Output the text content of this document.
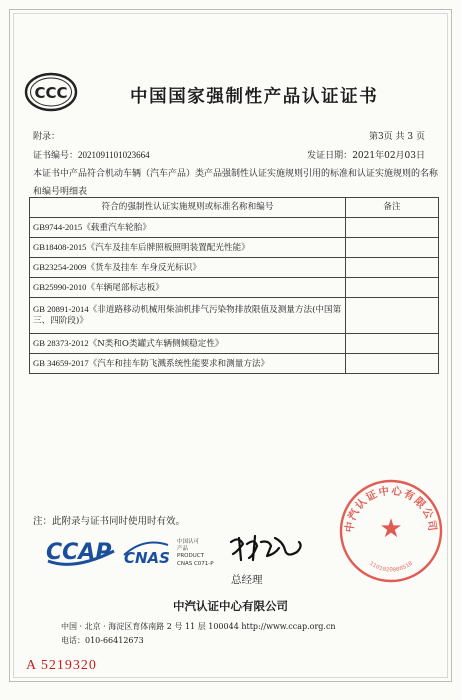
CCC	中国国家强制性产品认证证书
附录：	第3页 共 3 页
证书编号：2021091101023664	发证日期：2021年02月03日
本证书中产品符合机动车辆（汽车产品）类产品强制性认证实施规则引用的标准和认证实施规则的名称和编号明细表
符合的强制性认证实施规则或标准名称和编号	备注
GB9744-2015《载重汽车轮胎》	
GB18408-2015《汽车及挂车后牌照板照明装置配光性能》	
GB23254-2009《货车及挂车 车身反光标识》	
GB25990-2010《车辆尾部标志板》	
GB 20891-2014《非道路移动机械用柴油机排气污染物排放限值及测量方法(中国第三、四阶段)》	
GB 28373-2012《N类和O类罐式车辆侧倾稳定性》	
GB 34659-2017《汽车和挂车防飞溅系统性能要求和测量方法》	
注：此附录与证书同时使用时有效。	中汽认证中心有限公司
★
1101020006518
CCAP CNAS
中国认可
产品
PRODUCT
CNAS C071-P
总经理
中汽认证中心有限公司
中国 · 北京 · 海淀区育体南路 2 号 11 层 100044 http://www.ccap.org.cn
电话：010-66412673
A 5219320
